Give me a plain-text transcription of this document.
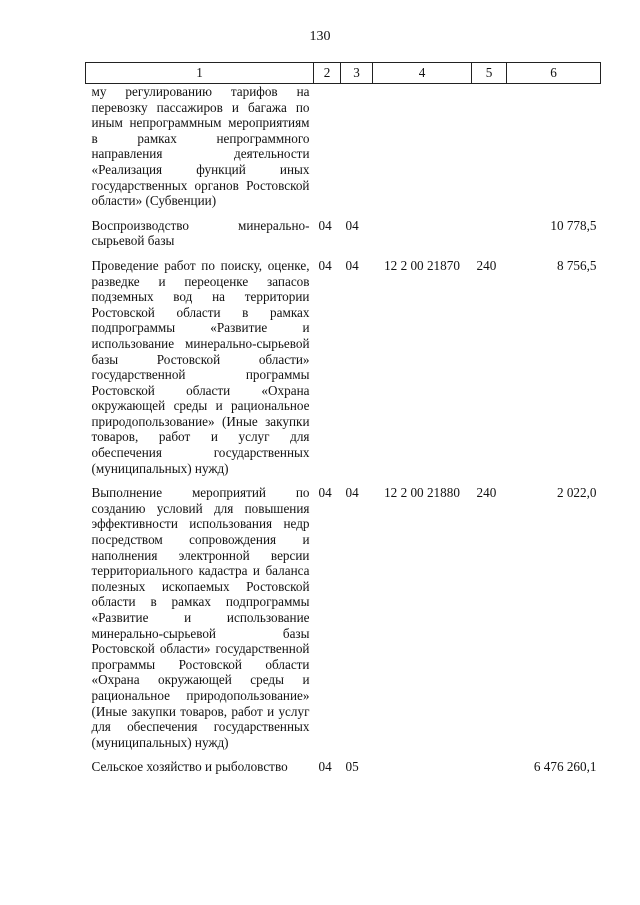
130
1	2	3	4	5	6
му регулированию тарифов на перевозку пассажиров и багажа по иным непрограммным мероприятиям в рамках непрограммного направления деятельности «Реализация функций иных государственных органов Ростовской области» (Субвенции)					
Воспроизводство минерально-сырьевой базы	04	04			10 778,5
Проведение работ по поиску, оценке, разведке и переоценке запасов подземных вод на территории Ростовской области в рамках подпрограммы «Развитие и использование минерально-сырьевой базы Ростовской области» государственной программы Ростовской области «Охрана окружающей среды и рациональное природопользование» (Иные закупки товаров, работ и услуг для обеспечения государственных (муниципальных) нужд)	04	04	12 2 00 21870	240	8 756,5
Выполнение мероприятий по созданию условий для повышения эффективности использования недр посредством сопровождения и наполнения электронной версии территориального кадастра и баланса полезных ископаемых Ростовской области в рамках подпрограммы «Развитие и использование минерально-сырьевой базы Ростовской области» государственной программы Ростовской области «Охрана окружающей среды и рациональное природопользование» (Иные закупки товаров, работ и услуг для обеспечения государственных (муниципальных) нужд)	04	04	12 2 00 21880	240	2 022,0
Сельское хозяйство и рыболовство	04	05			6 476 260,1
